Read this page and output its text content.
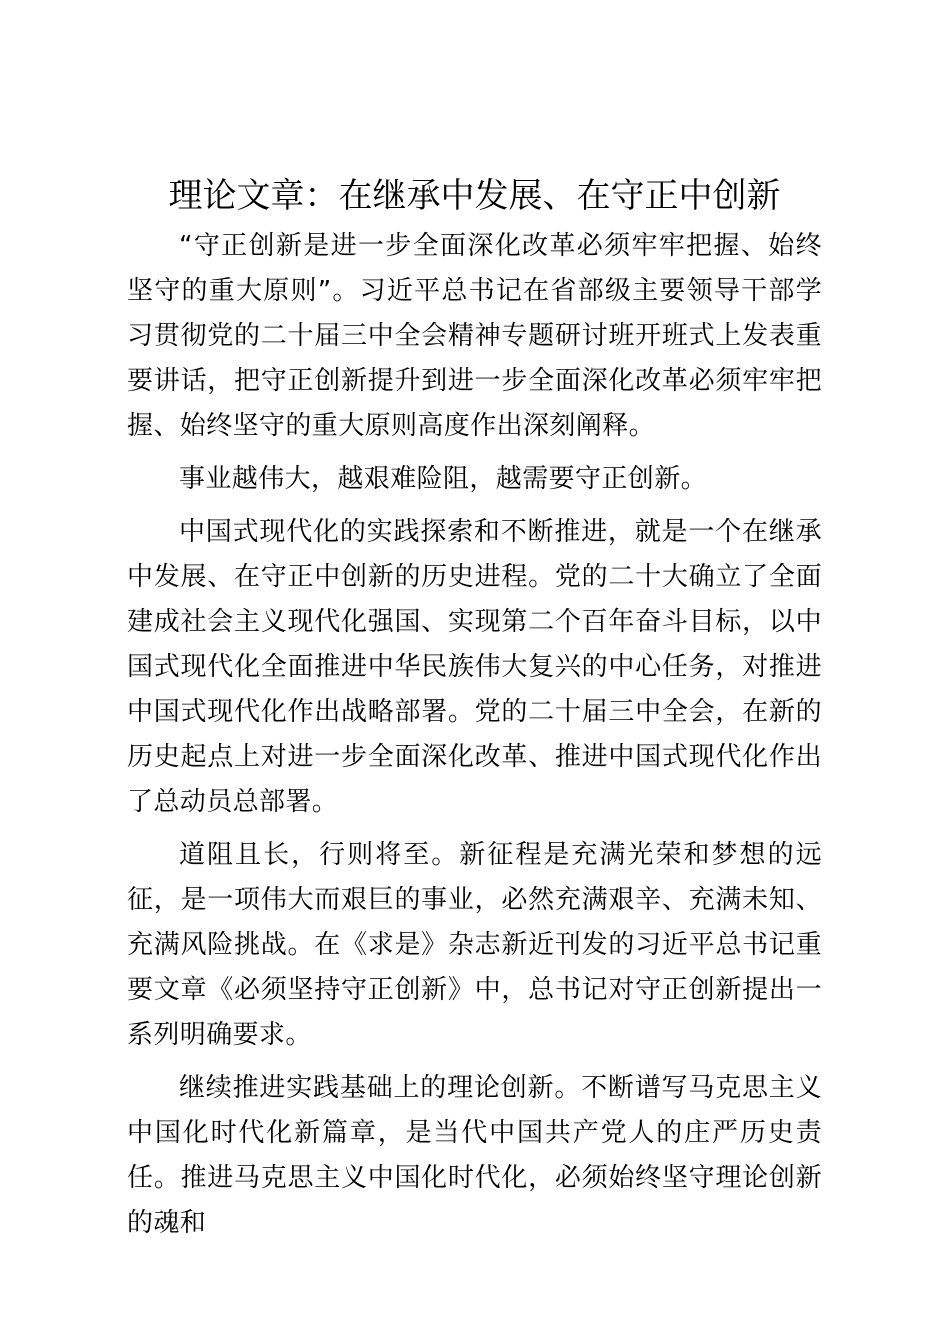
理论文章：在继承中发展、在守正中创新

“守正创新是进一步全面深化改革必须牢牢把握、始终坚守的重大原则”。习近平总书记在省部级主要领导干部学习贯彻党的二十届三中全会精神专题研讨班开班式上发表重要讲话，把守正创新提升到进一步全面深化改革必须牢牢把握、始终坚守的重大原则高度作出深刻阐释。

事业越伟大，越艰难险阻，越需要守正创新。

中国式现代化的实践探索和不断推进，就是一个在继承中发展、在守正中创新的历史进程。党的二十大确立了全面建成社会主义现代化强国、实现第二个百年奋斗目标，以中国式现代化全面推进中华民族伟大复兴的中心任务，对推进中国式现代化作出战略部署。党的二十届三中全会，在新的历史起点上对进一步全面深化改革、推进中国式现代化作出了总动员总部署。

道阻且长，行则将至。新征程是充满光荣和梦想的远征，是一项伟大而艰巨的事业，必然充满艰辛、充满未知、充满风险挑战。在《求是》杂志新近刊发的习近平总书记重要文章《必须坚持守正创新》中，总书记对守正创新提出一系列明确要求。

继续推进实践基础上的理论创新。不断谱写马克思主义中国化时代化新篇章，是当代中国共产党人的庄严历史责任。推进马克思主义中国化时代化，必须始终坚守理论创新的魂和
